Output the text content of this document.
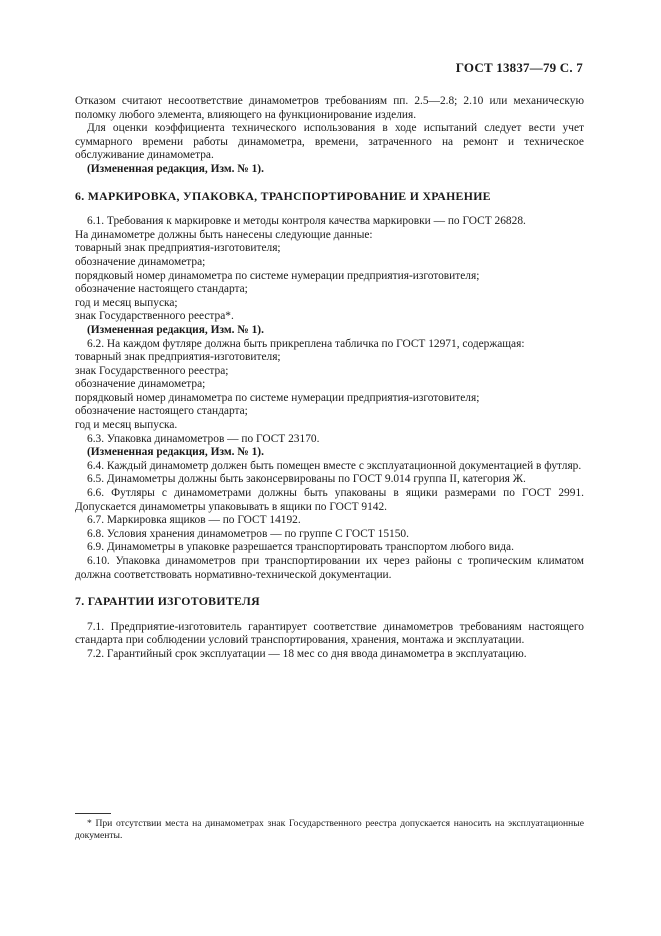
ГОСТ 13837—79 С. 7

Отказом считают несоответствие динамометров требованиям пп. 2.5—2.8; 2.10 или механическую поломку любого элемента, влияющего на функционирование изделия.

Для оценки коэффициента технического использования в ходе испытаний следует вести учет суммарного времени работы динамометра, времени, затраченного на ремонт и техническое обслуживание динамометра.

(Измененная редакция, Изм. № 1).

6. МАРКИРОВКА, УПАКОВКА, ТРАНСПОРТИРОВАНИЕ И ХРАНЕНИЕ

6.1. Требования к маркировке и методы контроля качества маркировки — по ГОСТ 26828.

На динамометре должны быть нанесены следующие данные:

товарный знак предприятия-изготовителя;

обозначение динамометра;

порядковый номер динамометра по системе нумерации предприятия-изготовителя;

обозначение настоящего стандарта;

год и месяц выпуска;

знак Государственного реестра*.

(Измененная редакция, Изм. № 1).

6.2. На каждом футляре должна быть прикреплена табличка по ГОСТ 12971, содержащая:

товарный знак предприятия-изготовителя;

знак Государственного реестра;

обозначение динамометра;

порядковый номер динамометра по системе нумерации предприятия-изготовителя;

обозначение настоящего стандарта;

год и месяц выпуска.

6.3. Упаковка динамометров — по ГОСТ 23170.

(Измененная редакция, Изм. № 1).

6.4. Каждый динамометр должен быть помещен вместе с эксплуатационной документацией в футляр.

6.5. Динамометры должны быть законсервированы по ГОСТ 9.014 группа II, категория Ж.

6.6. Футляры с динамометрами должны быть упакованы в ящики размерами по ГОСТ 2991. Допускается динамометры упаковывать в ящики по ГОСТ 9142.

6.7. Маркировка ящиков — по ГОСТ 14192.

6.8. Условия хранения динамометров — по группе С ГОСТ 15150.

6.9. Динамометры в упаковке разрешается транспортировать транспортом любого вида.

6.10. Упаковка динамометров при транспортировании их через районы с тропическим климатом должна соответствовать нормативно-технической документации.

7. ГАРАНТИИ ИЗГОТОВИТЕЛЯ

7.1. Предприятие-изготовитель гарантирует соответствие динамометров требованиям настоящего стандарта при соблюдении условий транспортирования, хранения, монтажа и эксплуатации.

7.2. Гарантийный срок эксплуатации — 18 мес со дня ввода динамометра в эксплуатацию.

* При отсутствии места на динамометрах знак Государственного реестра допускается наносить на эксплуатационные документы.
